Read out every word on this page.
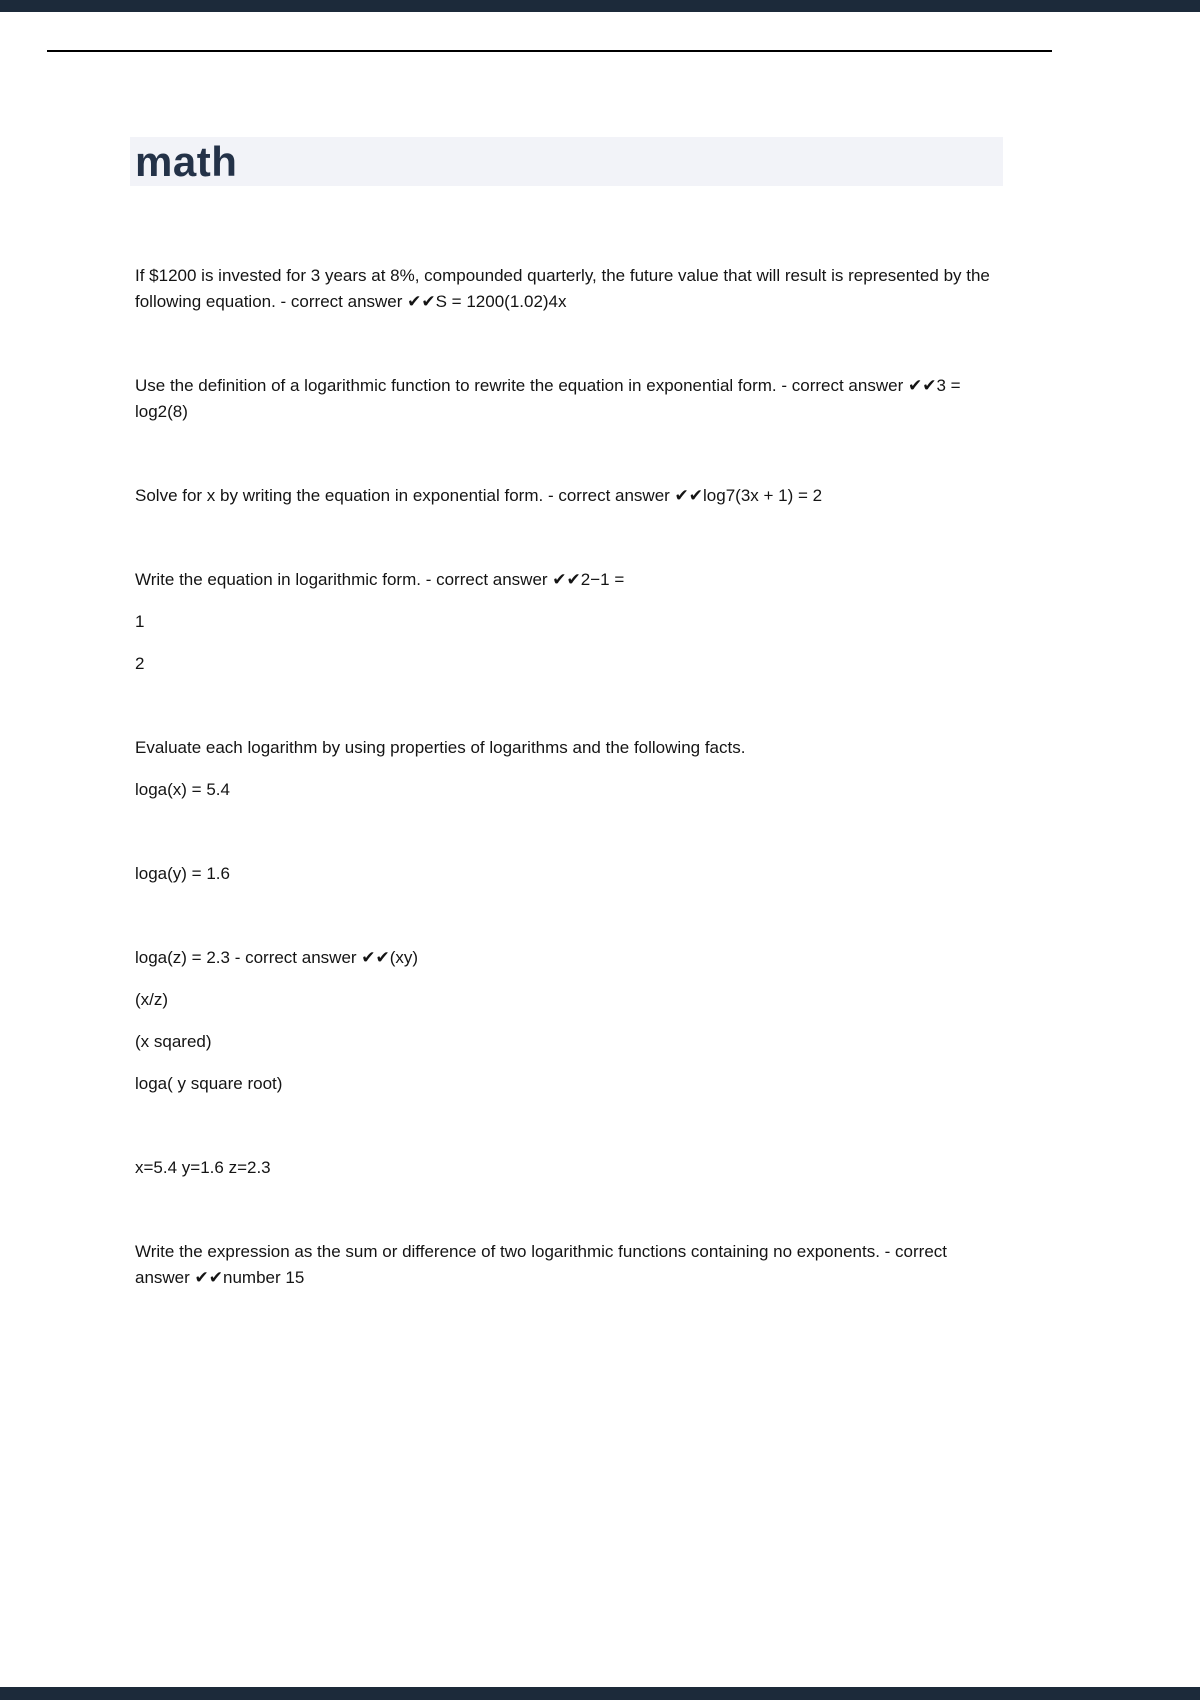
math

If $1200 is invested for 3 years at 8%, compounded quarterly, the future value that will result is represented by the following equation. - correct answer ✔✔S = 1200(1.02)4x

Use the definition of a logarithmic function to rewrite the equation in exponential form. - correct answer ✔✔3 = log2(8)

Solve for x by writing the equation in exponential form. - correct answer ✔✔log7(3x + 1) = 2

Write the equation in logarithmic form. - correct answer ✔✔2−1 =

1

2

Evaluate each logarithm by using properties of logarithms and the following facts.

loga(x) = 5.4

loga(y) = 1.6

loga(z) = 2.3 - correct answer ✔✔(xy)

(x/z)

(x sqared)

loga( y square root)

x=5.4 y=1.6 z=2.3

Write the expression as the sum or difference of two logarithmic functions containing no exponents. - correct answer ✔✔number 15
